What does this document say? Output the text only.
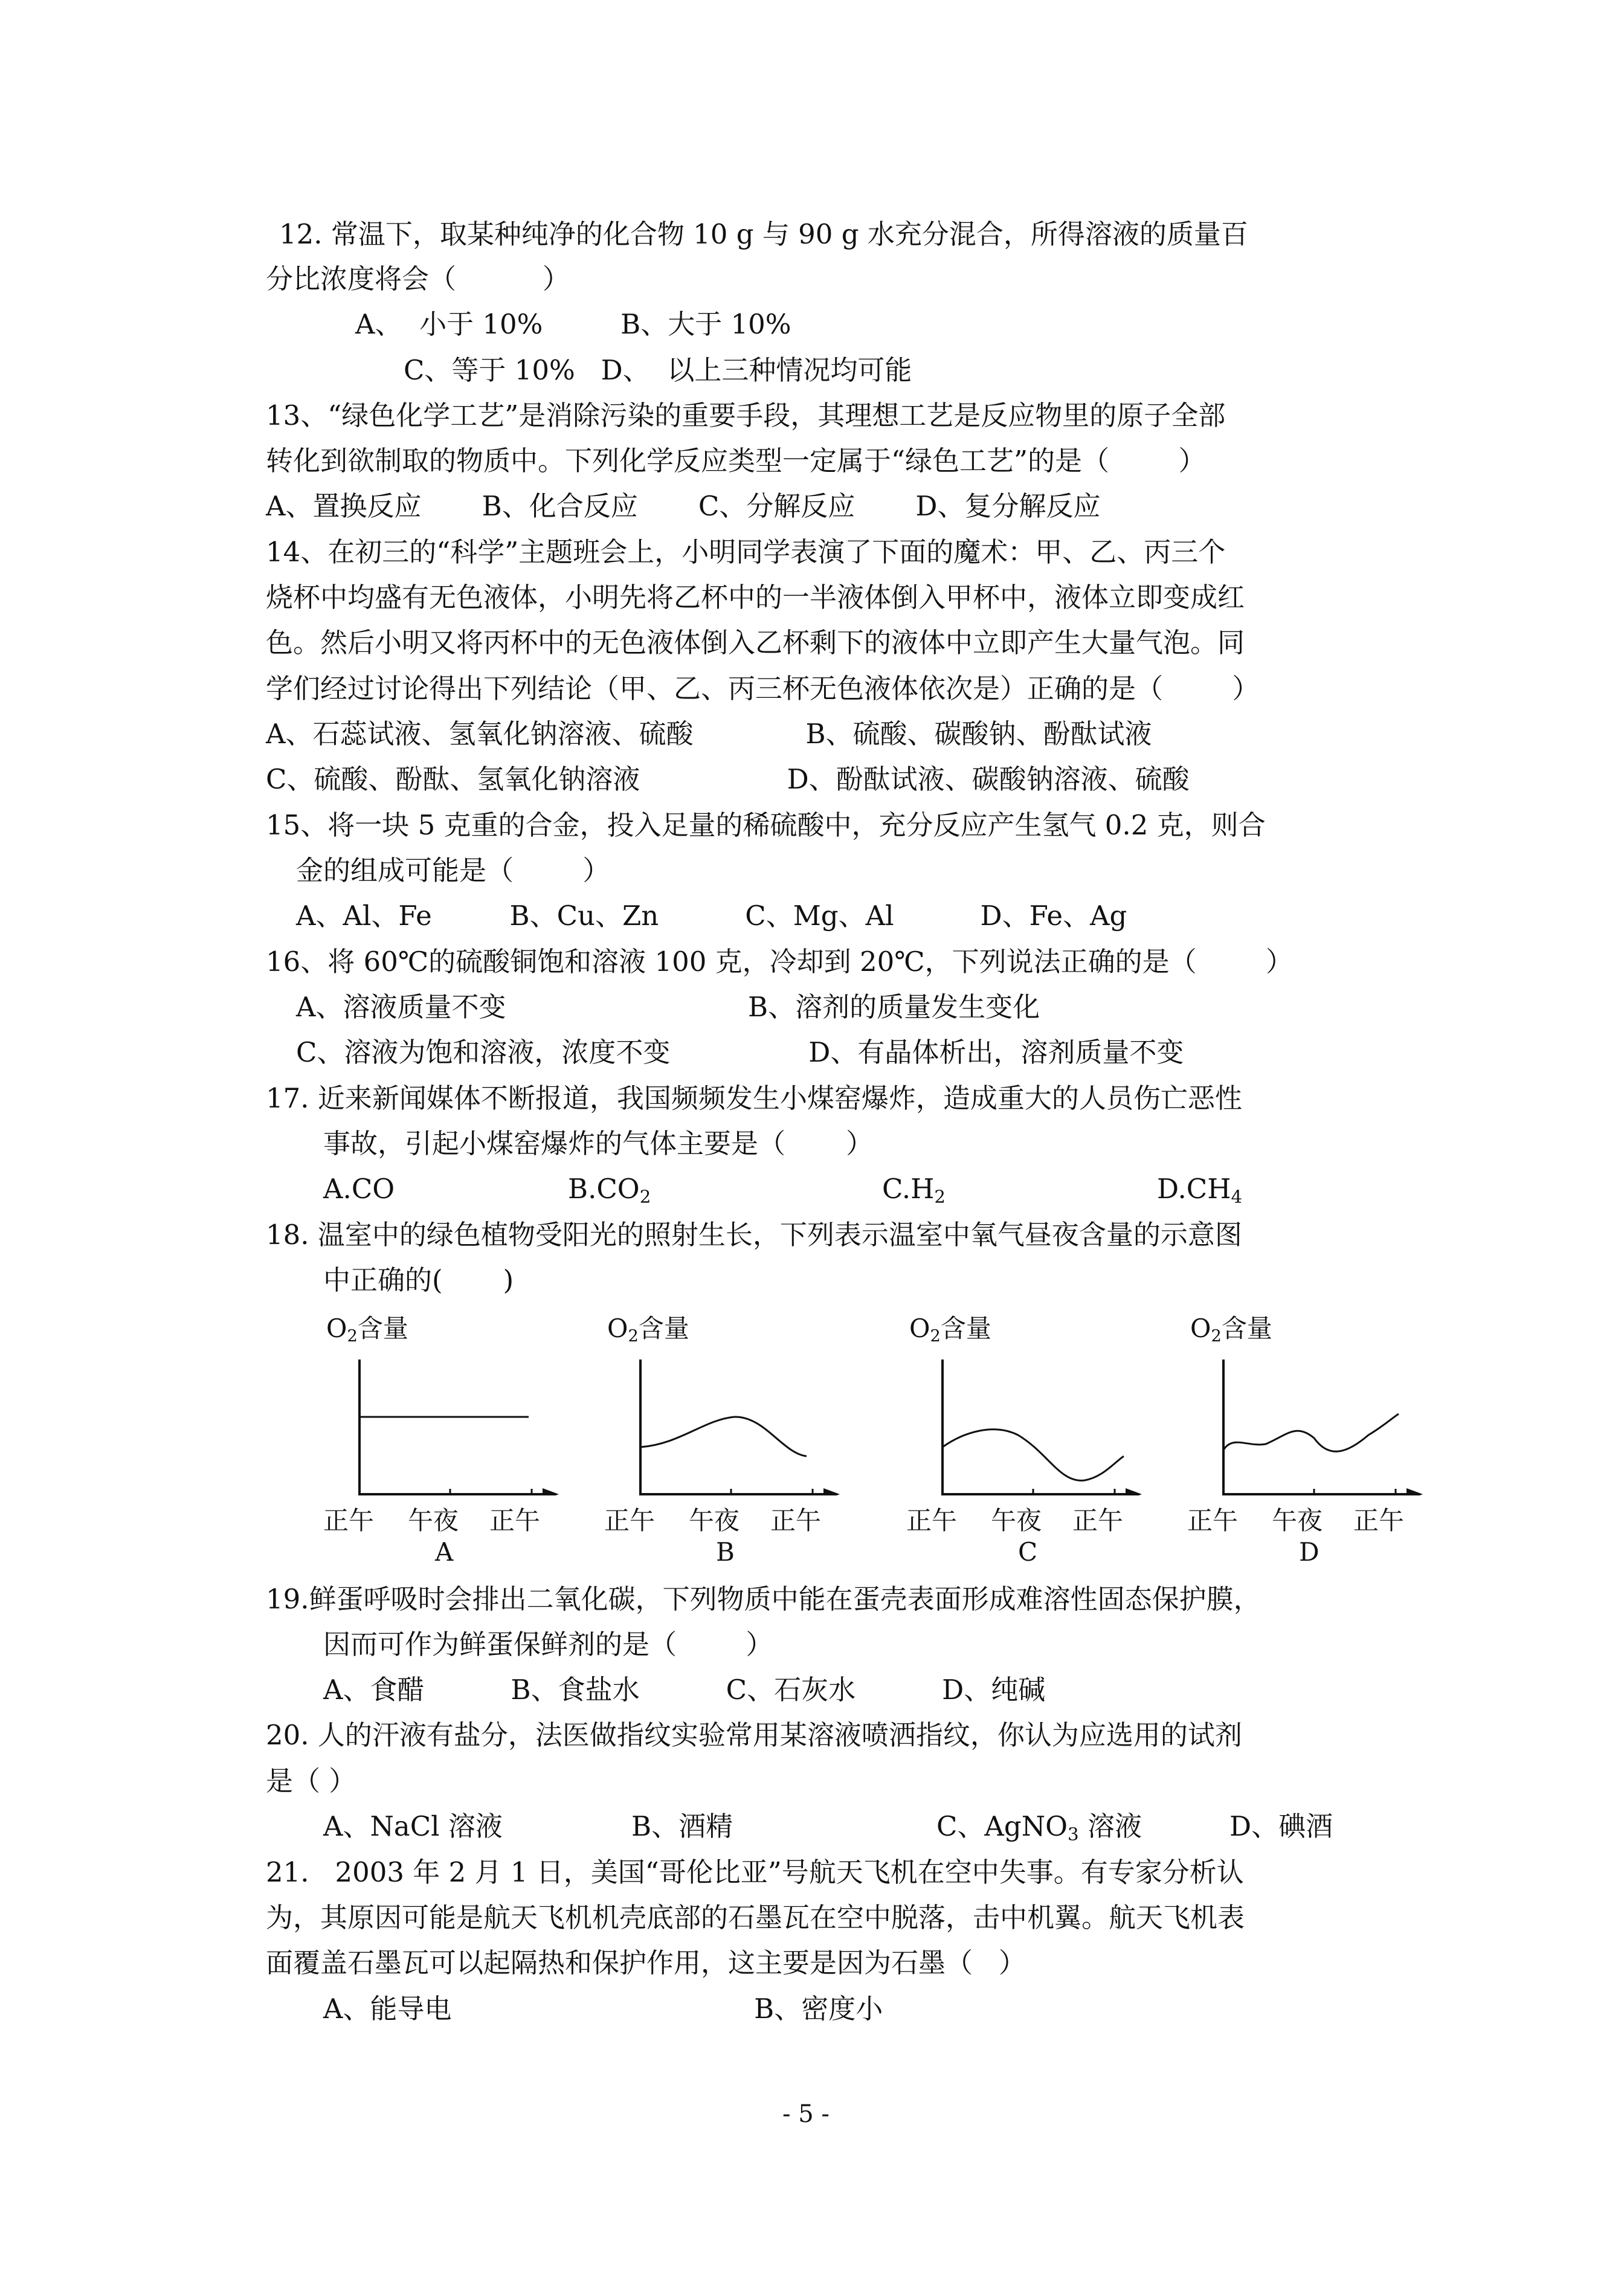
12. 常温下，取某种纯净的化合物 10 g 与 90 g 水充分混合，所得溶液的质量百
分比浓度将会（          ）
A、  小于 10%         B、大于 10%
C、等于 10%   D、  以上三种情况均可能
13、“绿色化学工艺”是消除污染的重要手段，其理想工艺是反应物里的原子全部
转化到欲制取的物质中。下列化学反应类型一定属于“绿色工艺”的是（        ）
A、置换反应       B、化合反应       C、分解反应       D、复分解反应
14、在初三的“科学”主题班会上，小明同学表演了下面的魔术：甲、乙、丙三个
烧杯中均盛有无色液体，小明先将乙杯中的一半液体倒入甲杯中，液体立即变成红
色。然后小明又将丙杯中的无色液体倒入乙杯剩下的液体中立即产生大量气泡。同
学们经过讨论得出下列结论（甲、乙、丙三杯无色液体依次是）正确的是（        ）
A、石蕊试液、氢氧化钠溶液、硫酸             B、硫酸、碳酸钠、酚酞试液
C、硫酸、酚酞、氢氧化钠溶液                 D、酚酞试液、碳酸钠溶液、硫酸
15、将一块 5 克重的合金，投入足量的稀硫酸中，充分反应产生氢气 0.2 克，则合
金的组成可能是（        ）
A、Al、Fe         B、Cu、Zn          C、Mg、Al          D、Fe、Ag
16、将 60℃的硫酸铜饱和溶液 100 克，冷却到 20℃，下列说法正确的是（        ）
A、溶液质量不变                            B、溶剂的质量发生变化
C、溶液为饱和溶液，浓度不变                D、有晶体析出，溶剂质量不变
17. 近来新闻媒体不断报道，我国频频发生小煤窑爆炸，造成重大的人员伤亡恶性
事故，引起小煤窑爆炸的气体主要是（       ）
18. 温室中的绿色植物受阳光的照射生长，下列表示温室中氧气昼夜含量的示意图
中正确的(       )
19.鲜蛋呼吸时会排出二氧化碳，下列物质中能在蛋壳表面形成难溶性固态保护膜，
因而可作为鲜蛋保鲜剂的是（        ）
A、食醋          B、食盐水          C、石灰水          D、纯碱
20. 人的汗液有盐分，法医做指纹实验常用某溶液喷洒指纹，你认为应选用的试剂
是（ ）
21.   2003 年 2 月 1 日，美国“哥伦比亚”号航天飞机在空中失事。有专家分析认
为，其原因可能是航天飞机机壳底部的石墨瓦在空中脱落，击中机翼。航天飞机表
面覆盖石墨瓦可以起隔热和保护作用，这主要是因为石墨（   ）
A、能导电                                   B、密度小
A.CO	$B.CO_2$	$C.H_2$	$D.CH_4$
A、NaCl 溶液	B、酒精	C、AgNO$_3$ 溶液	D、碘酒
$O_2$含量
正午 午夜 正午
A
$O_2$含量
正午 午夜 正午
B
$O_2$含量
正午 午夜 正午
C
$O_2$含量
正午 午夜 正午
D
- 5 -
